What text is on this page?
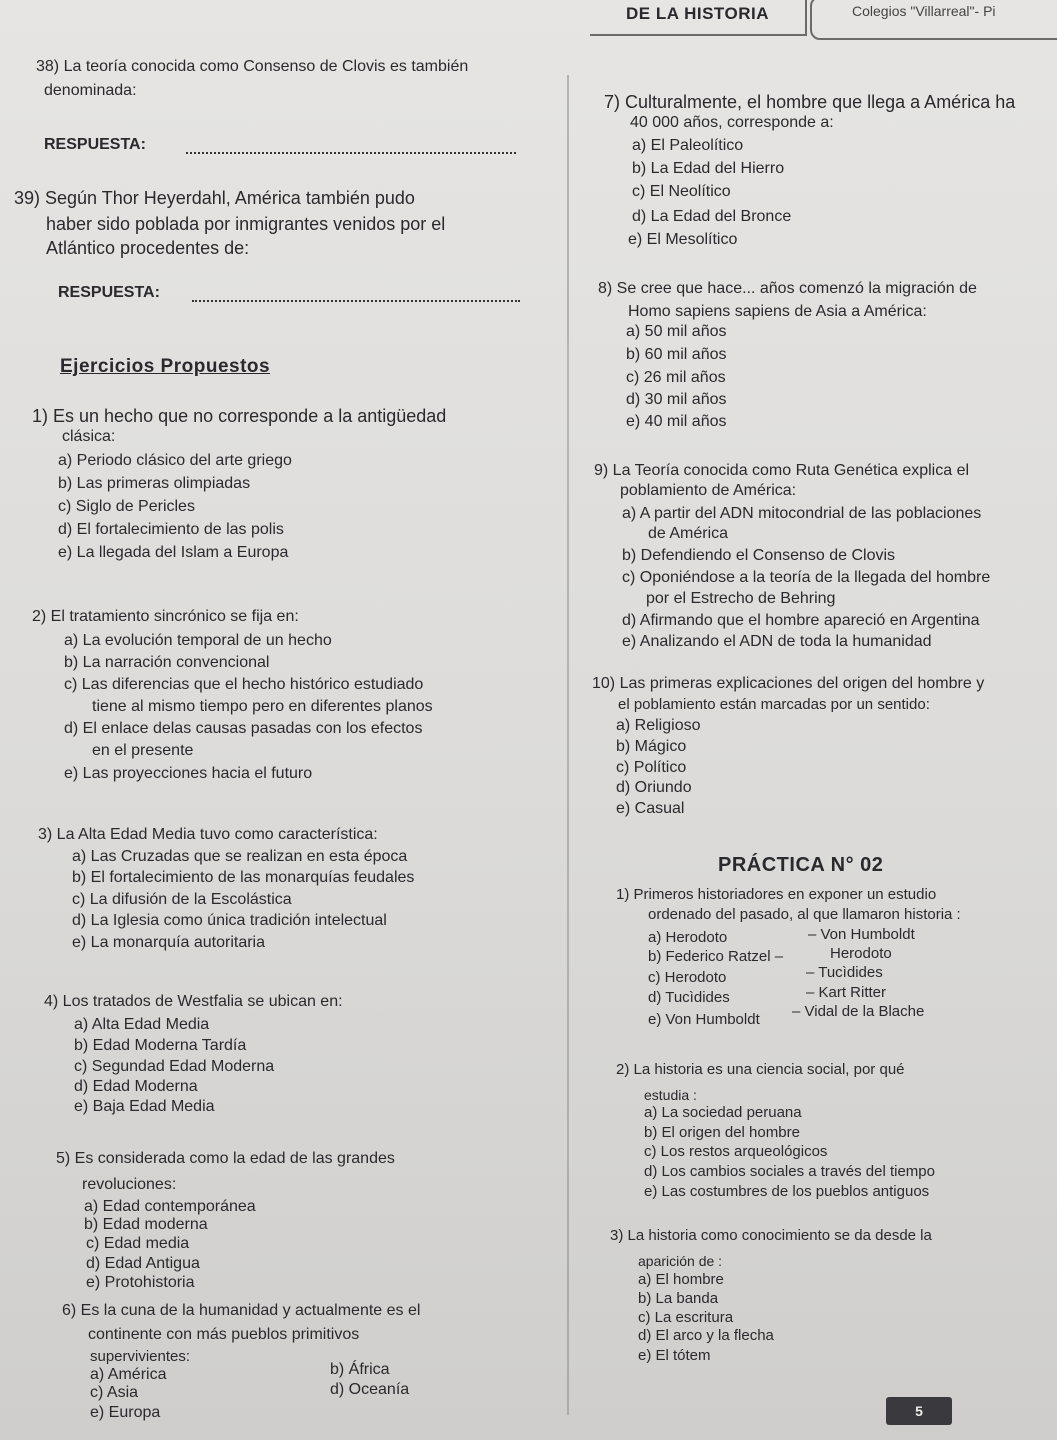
DE LA HISTORIA	Colegios "Villarreal"- Pi
38) La teoría conocida como Consenso de Clovis es también
denominada:
RESPUESTA:
39) Según Thor Heyerdahl, América también pudo
haber sido poblada por inmigrantes venidos por el
Atlántico procedentes de:
RESPUESTA:
Ejercicios Propuestos
1) Es un hecho que no corresponde a la antigüedad
clásica:
a) Periodo clásico del arte griego
b) Las primeras olimpiadas
c) Siglo de Pericles
d) El fortalecimiento de las polis
e) La llegada del Islam a Europa
2) El tratamiento sincrónico se fija en:
a) La evolución temporal de un hecho
b) La narración convencional
c) Las diferencias que el hecho histórico estudiado
tiene al mismo tiempo pero en diferentes planos
d) El enlace delas causas pasadas con los efectos
en el presente
e) Las proyecciones hacia el futuro
3) La Alta Edad Media tuvo como característica:
a) Las Cruzadas que se realizan en esta época
b) El fortalecimiento de las monarquías feudales
c) La difusión de la Escolástica
d) La Iglesia como única tradición intelectual
e) La monarquía autoritaria
4) Los tratados de Westfalia se ubican en:
a) Alta Edad Media
b) Edad Moderna Tardía
c) Segundad Edad Moderna
d) Edad Moderna
e) Baja Edad Media
5) Es considerada como la edad de las grandes
revoluciones:
a) Edad contemporánea
b) Edad moderna
c) Edad media
d) Edad Antigua
e) Protohistoria
6) Es la cuna de la humanidad y actualmente es el
continente con más pueblos primitivos
supervivientes:
a) América	b) África
c) Asia	d) Oceanía
e) Europa
7) Culturalmente, el hombre que llega a América ha
40 000 años, corresponde a:
a) El Paleolítico
b) La Edad del Hierro
c) El Neolítico
d) La Edad del Bronce
e) El Mesolítico
8) Se cree que hace... años comenzó la migración de
Homo sapiens sapiens de Asia a América:
a) 50 mil años
b) 60 mil años
c) 26 mil años
d) 30 mil años
e) 40 mil años
9) La Teoría conocida como Ruta Genética explica el
poblamiento de América:
a) A partir del ADN mitocondrial de las poblaciones
de América
b) Defendiendo el Consenso de Clovis
c) Oponiéndose a la teoría de la llegada del hombre
por el Estrecho de Behring
d) Afirmando que el hombre apareció en Argentina
e) Analizando el ADN de toda la humanidad
10) Las primeras explicaciones del origen del hombre y
el poblamiento están marcadas por un sentido:
a) Religioso
b) Mágico
c) Político
d) Oriundo
e) Casual
PRÁCTICA N° 02
1) Primeros historiadores en exponer un estudio
ordenado del pasado, al que llamaron historia :
a) Herodoto	– Von Humboldt
b) Federico Ratzel –	Herodoto
c) Herodoto	– Tucìdides
d) Tucìdides	– Kart Ritter
e) Von Humboldt – Vidal de la Blache
2) La historia es una ciencia social, por qué
estudia :
a) La sociedad peruana
b) El origen del hombre
c) Los restos arqueológicos
d) Los cambios sociales a través del tiempo
e) Las costumbres de los pueblos antiguos
3) La historia como conocimiento se da desde la
aparición de :
a) El hombre
b) La banda
c) La escritura
d) El arco y la flecha
e) El tótem
5
